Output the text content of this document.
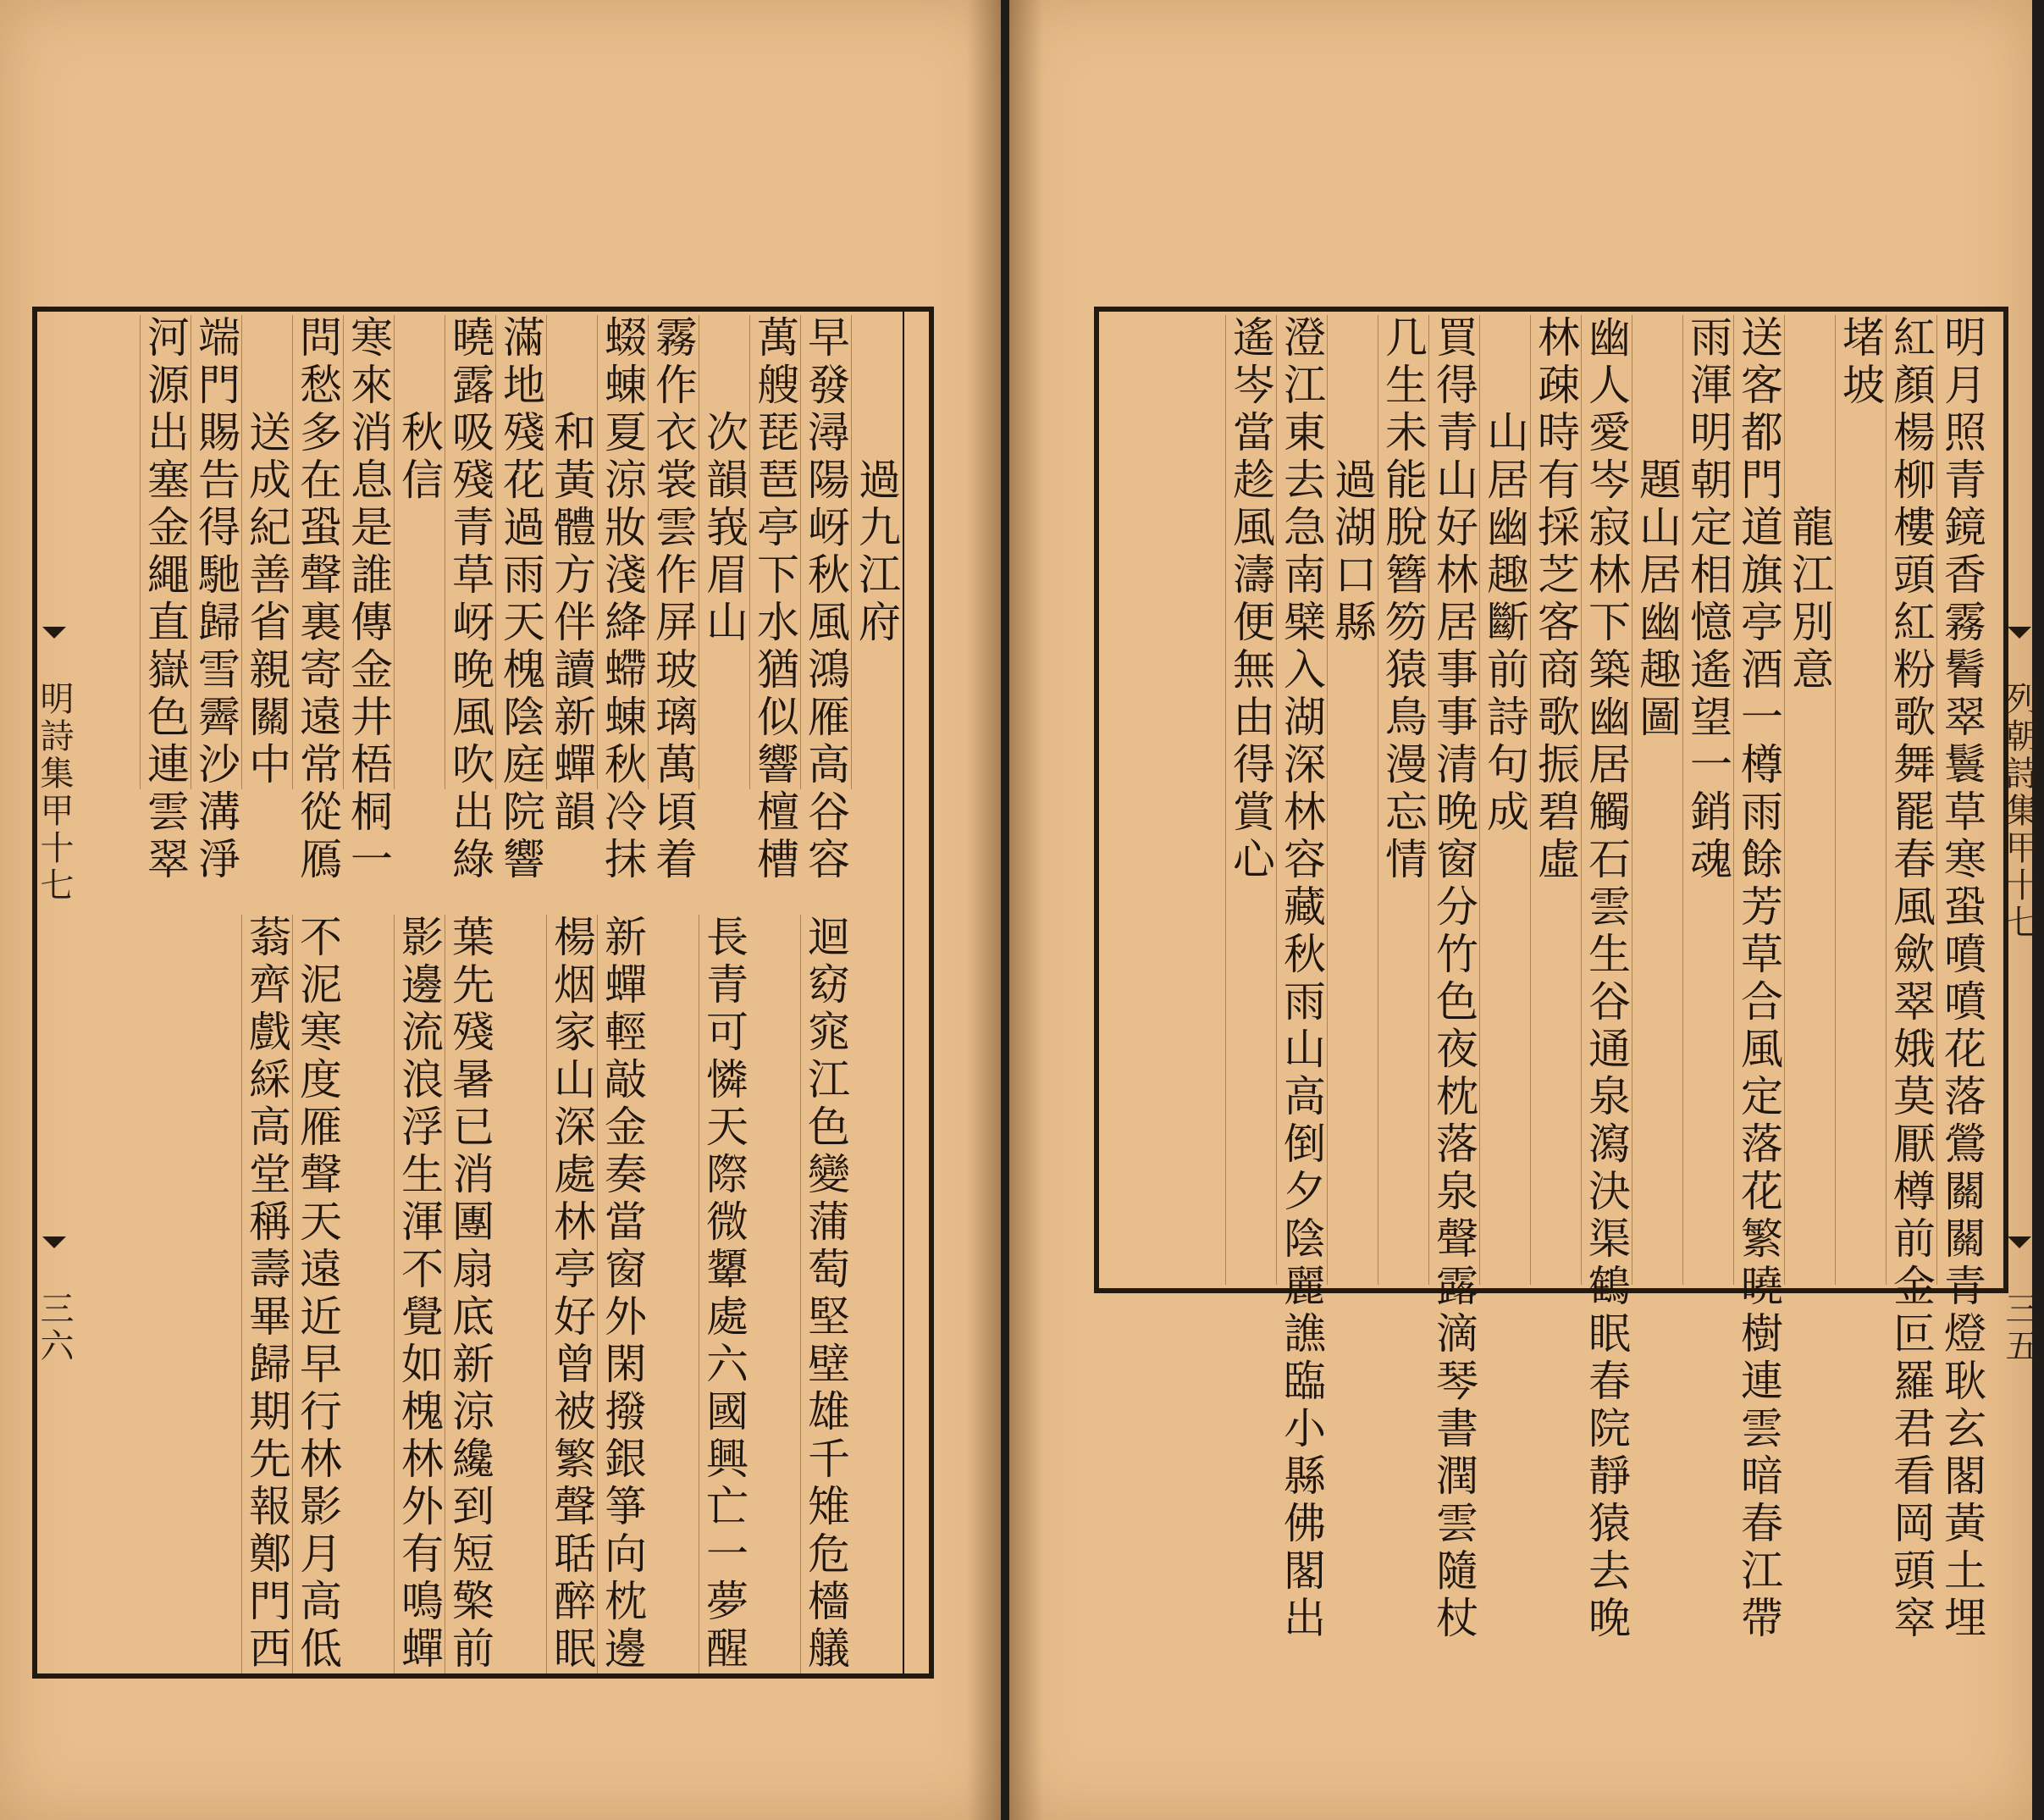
明詩集甲十七
三六
　　　過九江府
早發潯陽岈秋風鴻雁高谷容
萬艘琵琶亭下水猶似響檀槽
　　次韻峩眉山
霧作衣裳雲作屏玻璃萬頃着
蝃蝀夏涼妝淺絳螮蝀秋冷抹
　　和黃體方伴讀新蟬韻
滿地殘花過雨天槐陰庭院響
曉露吸殘青草岈晚風吹出綠
　　秋信
寒來消息是誰傳金井梧桐一
問愁多在蛩聲裏寄遠常從鴈
　　送成紀善省親關中
端門賜告得馳歸雪霽沙溝淨
河源出塞金繩直嶽色連雲翠
迴窈窕江色變蒲萄堅壁雄千雉危檣艤
長青可憐天際微顰處六國興亡一夢醒
新蟬輕敲金奏當窗外閑撥銀箏向枕邊
楊烟家山深處林亭好曾被繁聲聒醉眠
葉先殘暑已消團扇底新涼纔到短檠前
影邊流浪浮生渾不覺如槐林外有鳴蟬
不泥寒度雁聲天遠近早行林影月高低
蓊齊戲綵高堂稱壽畢歸期先報鄭門西
列朝詩集甲十七
三五
明月照青鏡香霧鬌翠鬟草寒蛩噴噴花落鶯關關青燈耿玄閣黃土埋
紅顏楊柳樓頭紅粉歌舞罷春風歛翠娥莫厭樽前金叵羅君看岡頭窣
堵坡
　　　　龍江別意
送客都門道旗亭酒一樽雨餘芳草合風定落花繁曉樹連雲暗春江帶
雨渾明朝定相憶遙望一銷魂
　　　題山居幽趣圖
幽人愛岑寂林下築幽居觸石雲生谷通泉瀉決渠鶴眠春院靜猿去晚
林疎時有採芝客商歌振碧虛
　　山居幽趣斷前詩句成
買得青山好林居事事清晚窗分竹色夜枕落泉聲露滴琴書潤雲隨杖
几生未能脫簪笏猿鳥漫忘情
　　　過湖口縣
澄江東去急南檗入湖深林容藏秋雨山高倒夕陰麗譙臨小縣佛閣出
遙岑當趁風濤便無由得賞心
